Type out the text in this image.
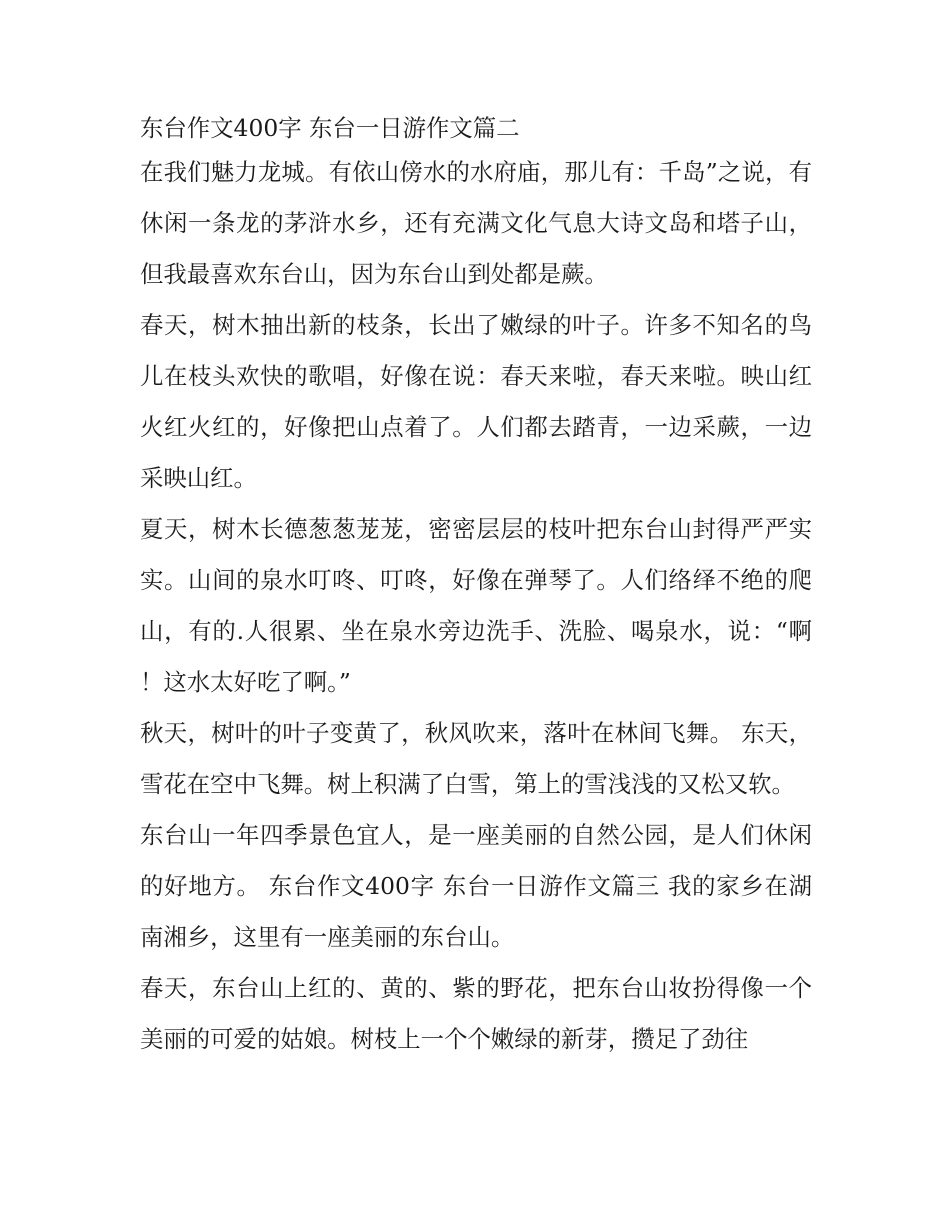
东台作文400字 东台一日游作文篇二

在我们魅力龙城。有依山傍水的水府庙，那儿有：千岛”之说，有休闲一条龙的茅浒水乡，还有充满文化气息大诗文岛和塔子山，但我最喜欢东台山，因为东台山到处都是蕨。

春天，树木抽出新的枝条，长出了嫩绿的叶子。许多不知名的鸟儿在枝头欢快的歌唱，好像在说：春天来啦，春天来啦。映山红火红火红的，好像把山点着了。人们都去踏青，一边采蕨，一边采映山红。

夏天，树木长德葱葱茏茏，密密层层的枝叶把东台山封得严严实实。山间的泉水叮咚、叮咚，好像在弹琴了。人们络绎不绝的爬山，有的.人很累、坐在泉水旁边洗手、洗脸、喝泉水，说：“啊！这水太好吃了啊。”

秋天，树叶的叶子变黄了，秋风吹来，落叶在林间飞舞。 东天，雪花在空中飞舞。树上积满了白雪，第上的雪浅浅的又松又软。

东台山一年四季景色宜人，是一座美丽的自然公园，是人们休闲的好地方。 东台作文400字 东台一日游作文篇三 我的家乡在湖南湘乡，这里有一座美丽的东台山。

春天，东台山上红的、黄的、紫的野花，把东台山妆扮得像一个美丽的可爱的姑娘。树枝上一个个嫩绿的新芽，攒足了劲往
